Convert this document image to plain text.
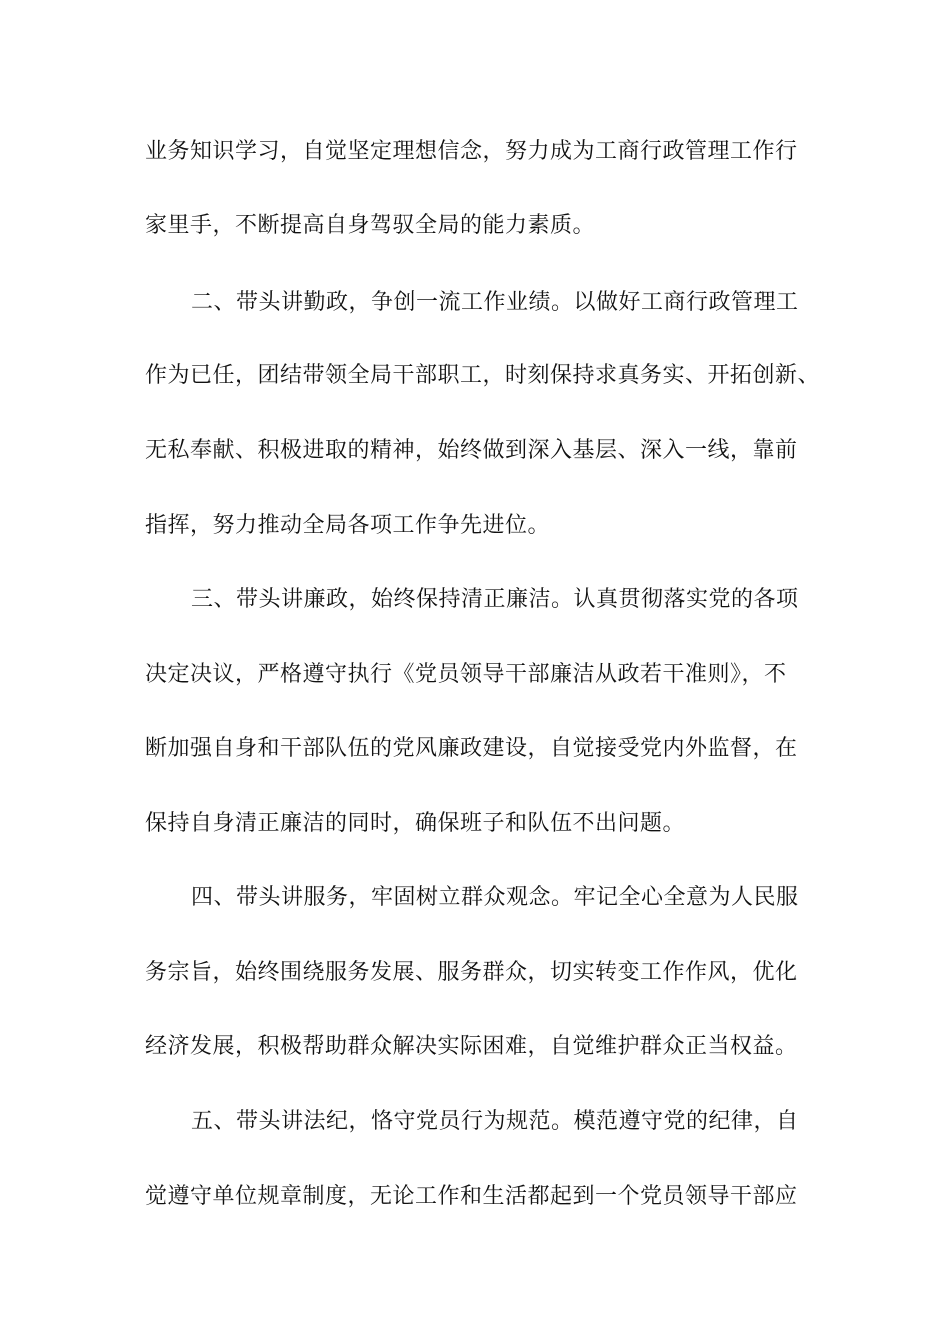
业务知识学习，自觉坚定理想信念，努力成为工商行政管理工作行
家里手，不断提高自身驾驭全局的能力素质。
二、带头讲勤政，争创一流工作业绩。以做好工商行政管理工
作为已任，团结带领全局干部职工，时刻保持求真务实、开拓创新、
无私奉献、积极进取的精神，始终做到深入基层、深入一线，靠前
指挥，努力推动全局各项工作争先进位。
三、带头讲廉政，始终保持清正廉洁。认真贯彻落实党的各项
决定决议，严格遵守执行《党员领导干部廉洁从政若干准则》，不
断加强自身和干部队伍的党风廉政建设，自觉接受党内外监督，在
保持自身清正廉洁的同时，确保班子和队伍不出问题。
四、带头讲服务，牢固树立群众观念。牢记全心全意为人民服
务宗旨，始终围绕服务发展、服务群众，切实转变工作作风，优化
经济发展，积极帮助群众解决实际困难，自觉维护群众正当权益。
五、带头讲法纪，恪守党员行为规范。模范遵守党的纪律，自
觉遵守单位规章制度，无论工作和生活都起到一个党员领导干部应
